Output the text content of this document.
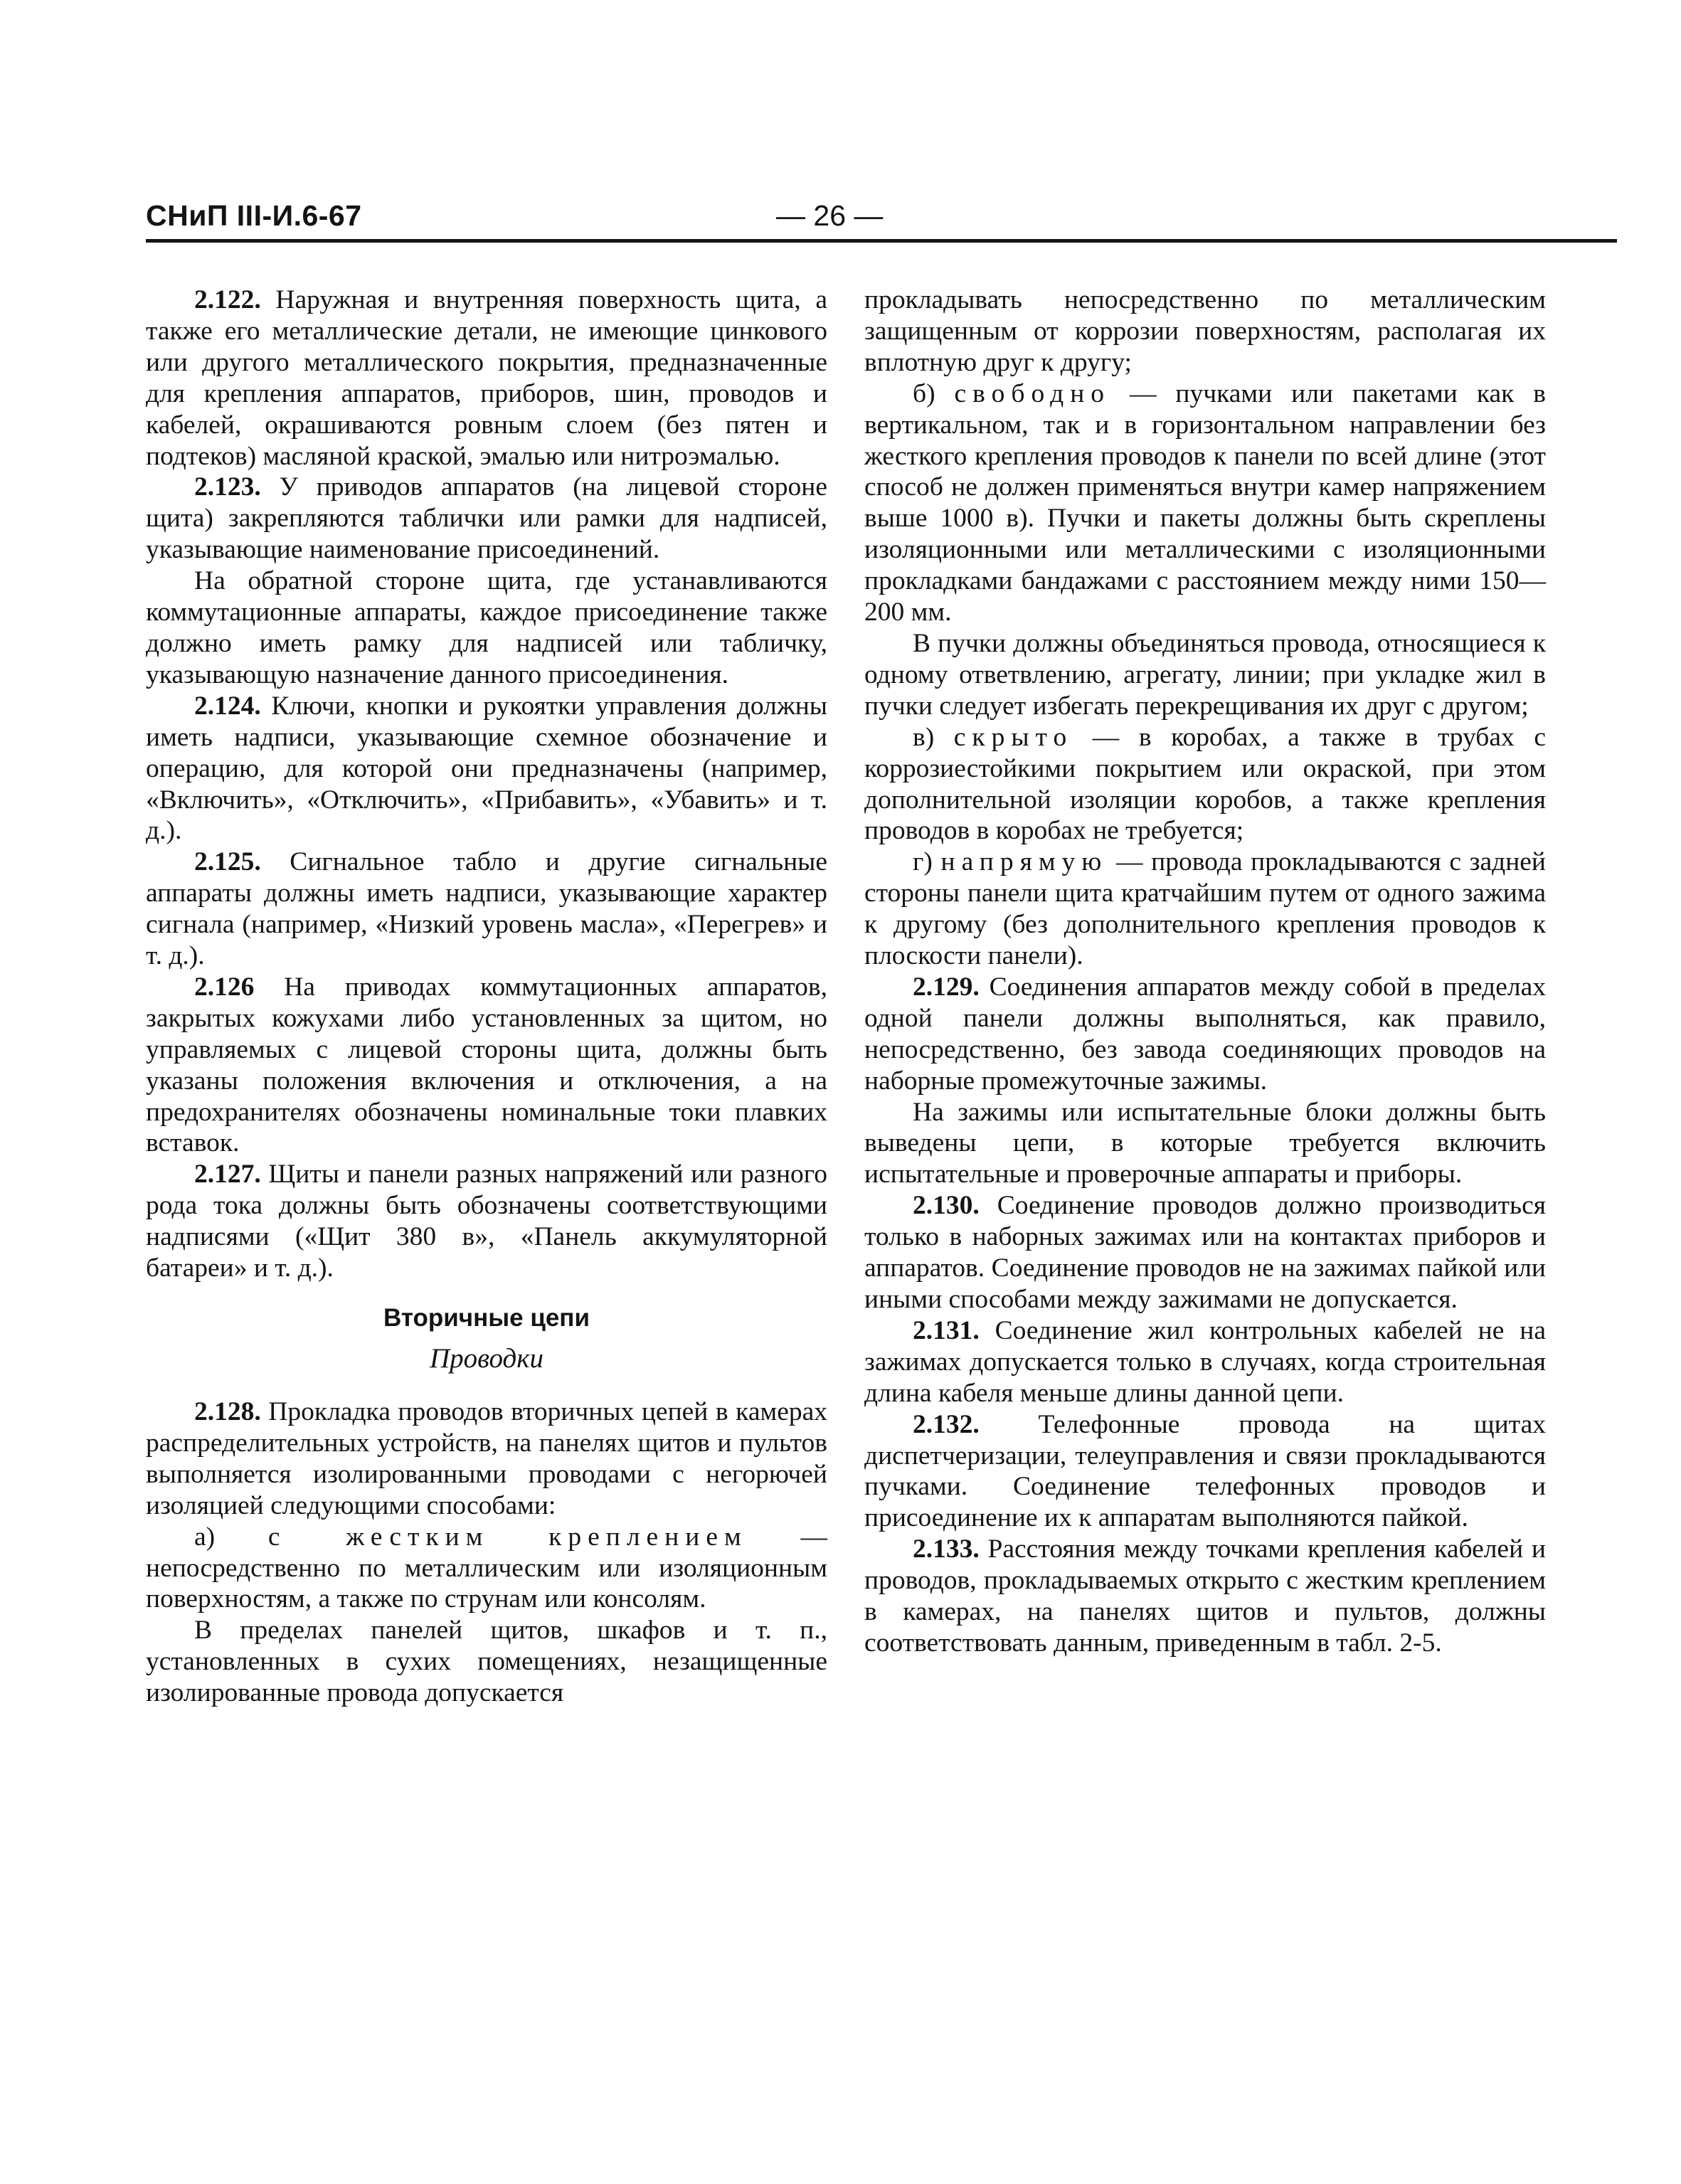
СНиП III-И.6-67	— 26 —

2.122. Наружная и внутренняя поверхность щита, а также его металлические детали, не имеющие цинкового или другого металлического покрытия, предназначенные для крепления аппаратов, приборов, шин, проводов и кабелей, окрашиваются ровным слоем (без пятен и подтеков) масляной краской, эмалью или нитроэмалью.

2.123. У приводов аппаратов (на лицевой стороне щита) закрепляются таблички или рамки для надписей, указывающие наименование присоединений.

На обратной стороне щита, где устанавливаются коммутационные аппараты, каждое присоединение также должно иметь рамку для надписей или табличку, указывающую назначение данного присоединения.

2.124. Ключи, кнопки и рукоятки управления должны иметь надписи, указывающие схемное обозначение и операцию, для которой они предназначены (например, «Включить», «Отключить», «Прибавить», «Убавить» и т. д.).

2.125. Сигнальное табло и другие сигнальные аппараты должны иметь надписи, указывающие характер сигнала (например, «Низкий уровень масла», «Перегрев» и т. д.).

2.126 На приводах коммутационных аппаратов, закрытых кожухами либо установленных за щитом, но управляемых с лицевой стороны щита, должны быть указаны положения включения и отключения, а на предохранителях обозначены номинальные токи плавких вставок.

2.127. Щиты и панели разных напряжений или разного рода тока должны быть обозначены соответствующими надписями («Щит 380 в», «Панель аккумуляторной батареи» и т. д.).

Вторичные цепи
Проводки

2.128. Прокладка проводов вторичных цепей в камерах распределительных устройств, на панелях щитов и пультов выполняется изолированными проводами с негорючей изоляцией следующими способами:

а) с жестким креплением — непосредственно по металлическим или изоляционным поверхностям, а также по струнам или консолям.

В пределах панелей щитов, шкафов и т. п., установленных в сухих помещениях, незащищенные изолированные провода допускается

прокладывать непосредственно по металлическим защищенным от коррозии поверхностям, располагая их вплотную друг к другу;

б) свободно — пучками или пакетами как в вертикальном, так и в горизонтальном направлении без жесткого крепления проводов к панели по всей длине (этот способ не должен применяться внутри камер напряжением выше 1000 в). Пучки и пакеты должны быть скреплены изоляционными или металлическими с изоляционными прокладками бандажами с расстоянием между ними 150—200 мм.

В пучки должны объединяться провода, относящиеся к одному ответвлению, агрегату, линии; при укладке жил в пучки следует избегать перекрещивания их друг с другом;

в) скрыто — в коробах, а также в трубах с коррозиестойкими покрытием или окраской, при этом дополнительной изоляции коробов, а также крепления проводов в коробах не требуется;

г) напрямую — провода прокладываются с задней стороны панели щита кратчайшим путем от одного зажима к другому (без дополнительного крепления проводов к плоскости панели).

2.129. Соединения аппаратов между собой в пределах одной панели должны выполняться, как правило, непосредственно, без завода соединяющих проводов на наборные промежуточные зажимы.

На зажимы или испытательные блоки должны быть выведены цепи, в которые требуется включить испытательные и проверочные аппараты и приборы.

2.130. Соединение проводов должно производиться только в наборных зажимах или на контактах приборов и аппаратов. Соединение проводов не на зажимах пайкой или иными способами между зажимами не допускается.

2.131. Соединение жил контрольных кабелей не на зажимах допускается только в случаях, когда строительная длина кабеля меньше длины данной цепи.

2.132. Телефонные провода на щитах диспетчеризации, телеуправления и связи прокладываются пучками. Соединение телефонных проводов и присоединение их к аппаратам выполняются пайкой.

2.133. Расстояния между точками крепления кабелей и проводов, прокладываемых открыто с жестким креплением в камерах, на панелях щитов и пультов, должны соответствовать данным, приведенным в табл. 2-5.
